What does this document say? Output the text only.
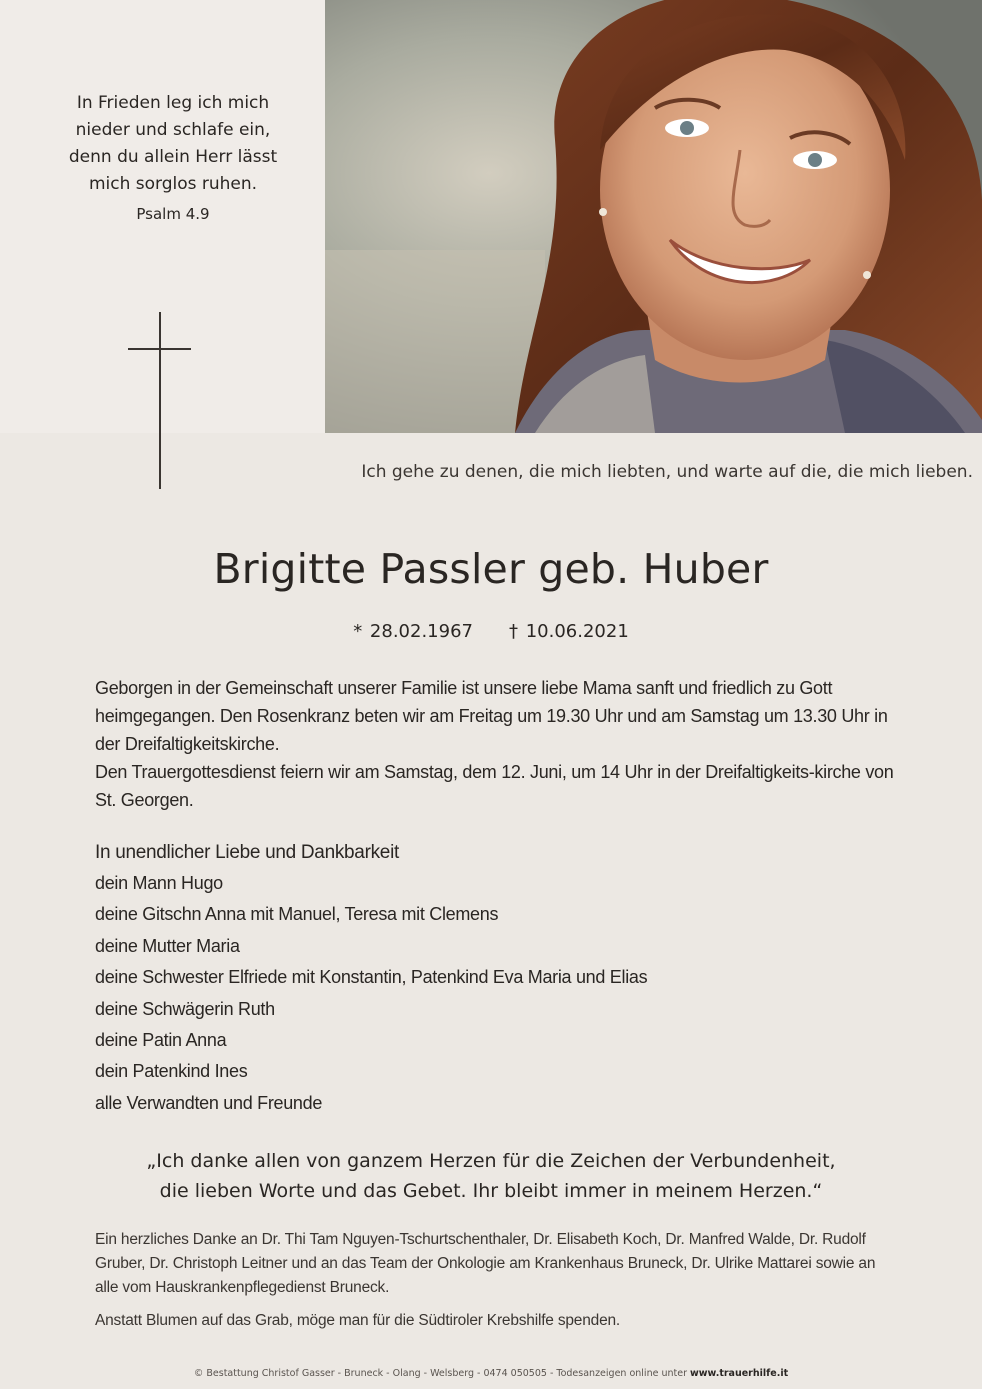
In Frieden leg ich mich
nieder und schlafe ein,
denn du allein Herr lässt
mich sorglos ruhen.
Psalm 4.9
Ich gehe zu denen, die mich liebten, und warte auf die, die mich lieben.
Brigitte Passler geb. Huber
* 28.02.1967 † 10.06.2021

Geborgen in der Gemeinschaft unserer Familie ist unsere liebe Mama sanft und friedlich zu Gott heimgegangen. Den Rosenkranz beten wir am Freitag um 19.30 Uhr und am Samstag um 13.30 Uhr in der Dreifaltigkeitskirche.

Den Trauergottesdienst feiern wir am Samstag, dem 12. Juni, um 14 Uhr in der Dreifaltigkeits-kirche von St. Georgen.

In unendlicher Liebe und Dankbarkeit
dein Mann Hugo
deine Gitschn Anna mit Manuel, Teresa mit Clemens
deine Mutter Maria
deine Schwester Elfriede mit Konstantin, Patenkind Eva Maria und Elias
deine Schwägerin Ruth
deine Patin Anna
dein Patenkind Ines
alle Verwandten und Freunde
„Ich danke allen von ganzem Herzen für die Zeichen der Verbundenheit,
die lieben Worte und das Gebet. Ihr bleibt immer in meinem Herzen.“
Ein herzliches Danke an Dr. Thi Tam Nguyen-Tschurtschenthaler, Dr. Elisabeth Koch, Dr. Manfred Walde, Dr. Rudolf Gruber, Dr. Christoph Leitner und an das Team der Onkologie am Krankenhaus Bruneck, Dr. Ulrike Mattarei sowie an alle vom Hauskrankenpflegedienst Bruneck.
Anstatt Blumen auf das Grab, möge man für die Südtiroler Krebshilfe spenden.
© Bestattung Christof Gasser - Bruneck - Olang - Welsberg - 0474 050505 - Todesanzeigen online unter www.trauerhilfe.it
